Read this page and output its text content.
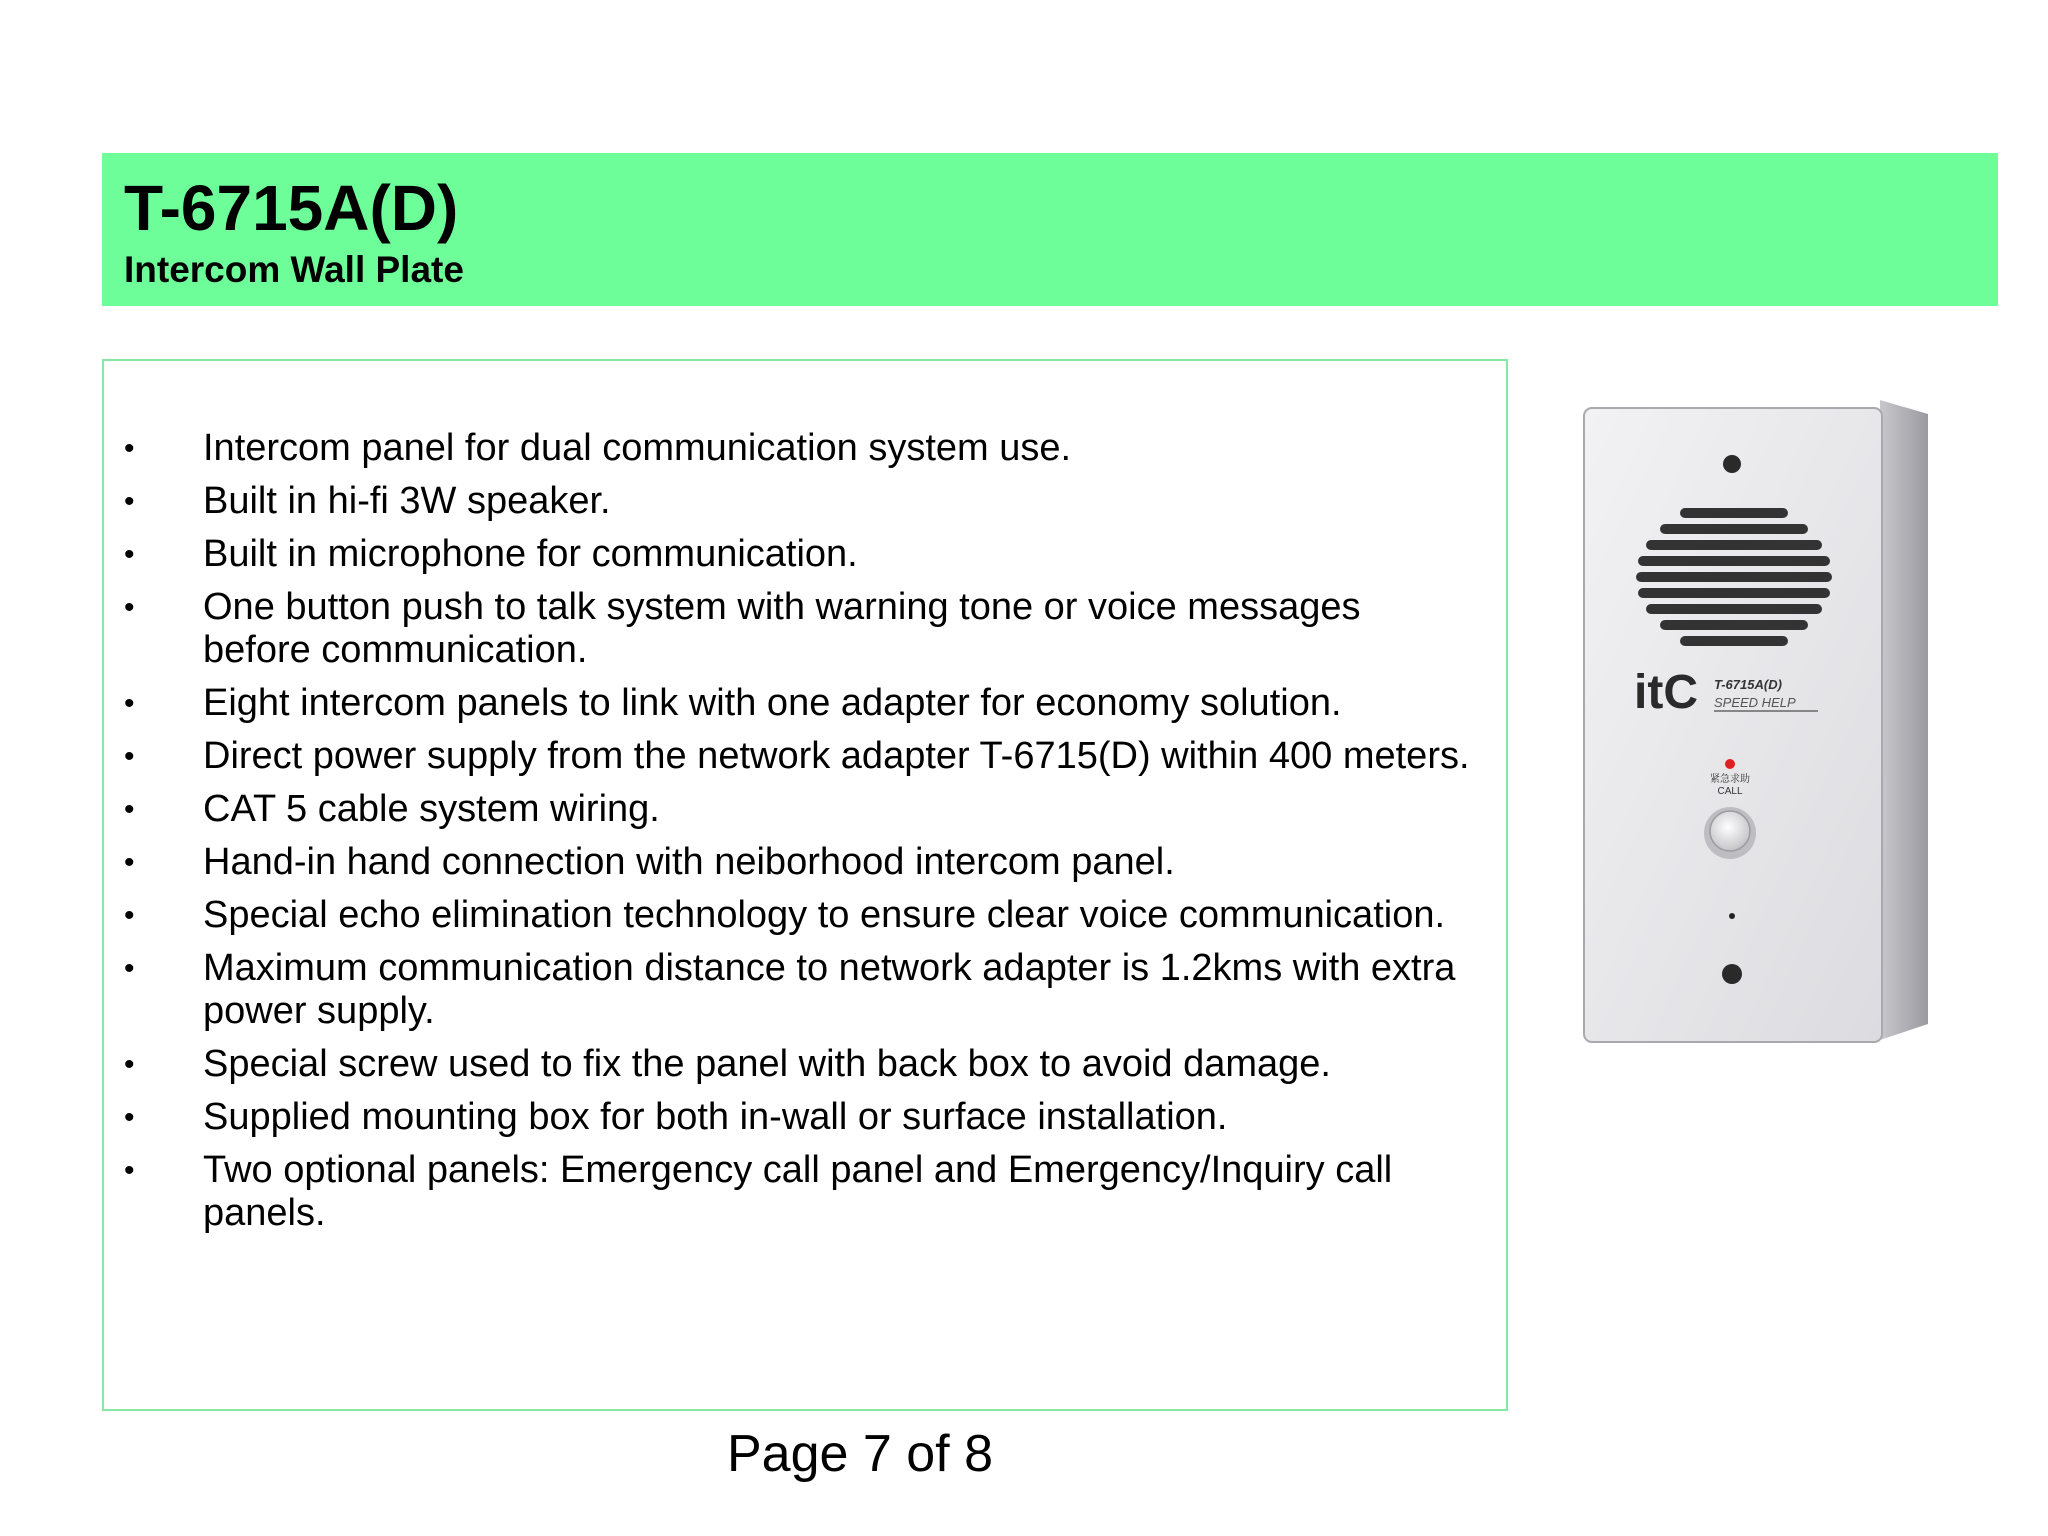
T-6715A(D)
Intercom Wall Plate
• Intercom panel for dual communication system use.
• Built in hi-fi 3W speaker.
• Built in microphone for communication.
• One button push to talk system with warning tone or voice messages before communication.
• Eight intercom panels to link with one adapter for economy solution.
• Direct power supply from the network adapter T-6715(D) within 400 meters.
• CAT 5 cable system wiring.
• Hand-in hand connection with neiborhood intercom panel.
• Special echo elimination technology to ensure clear voice communication.
• Maximum communication distance to network adapter is 1.2kms with extra power supply.
• Special screw used to fix the panel with back box to avoid damage.
• Supplied mounting box for both in-wall or surface installation.
• Two optional panels: Emergency call panel and Emergency/Inquiry call panels.
itC T-6715A(D)
SPEED HELP
紧急求助
CALL
Page 7 of 8
